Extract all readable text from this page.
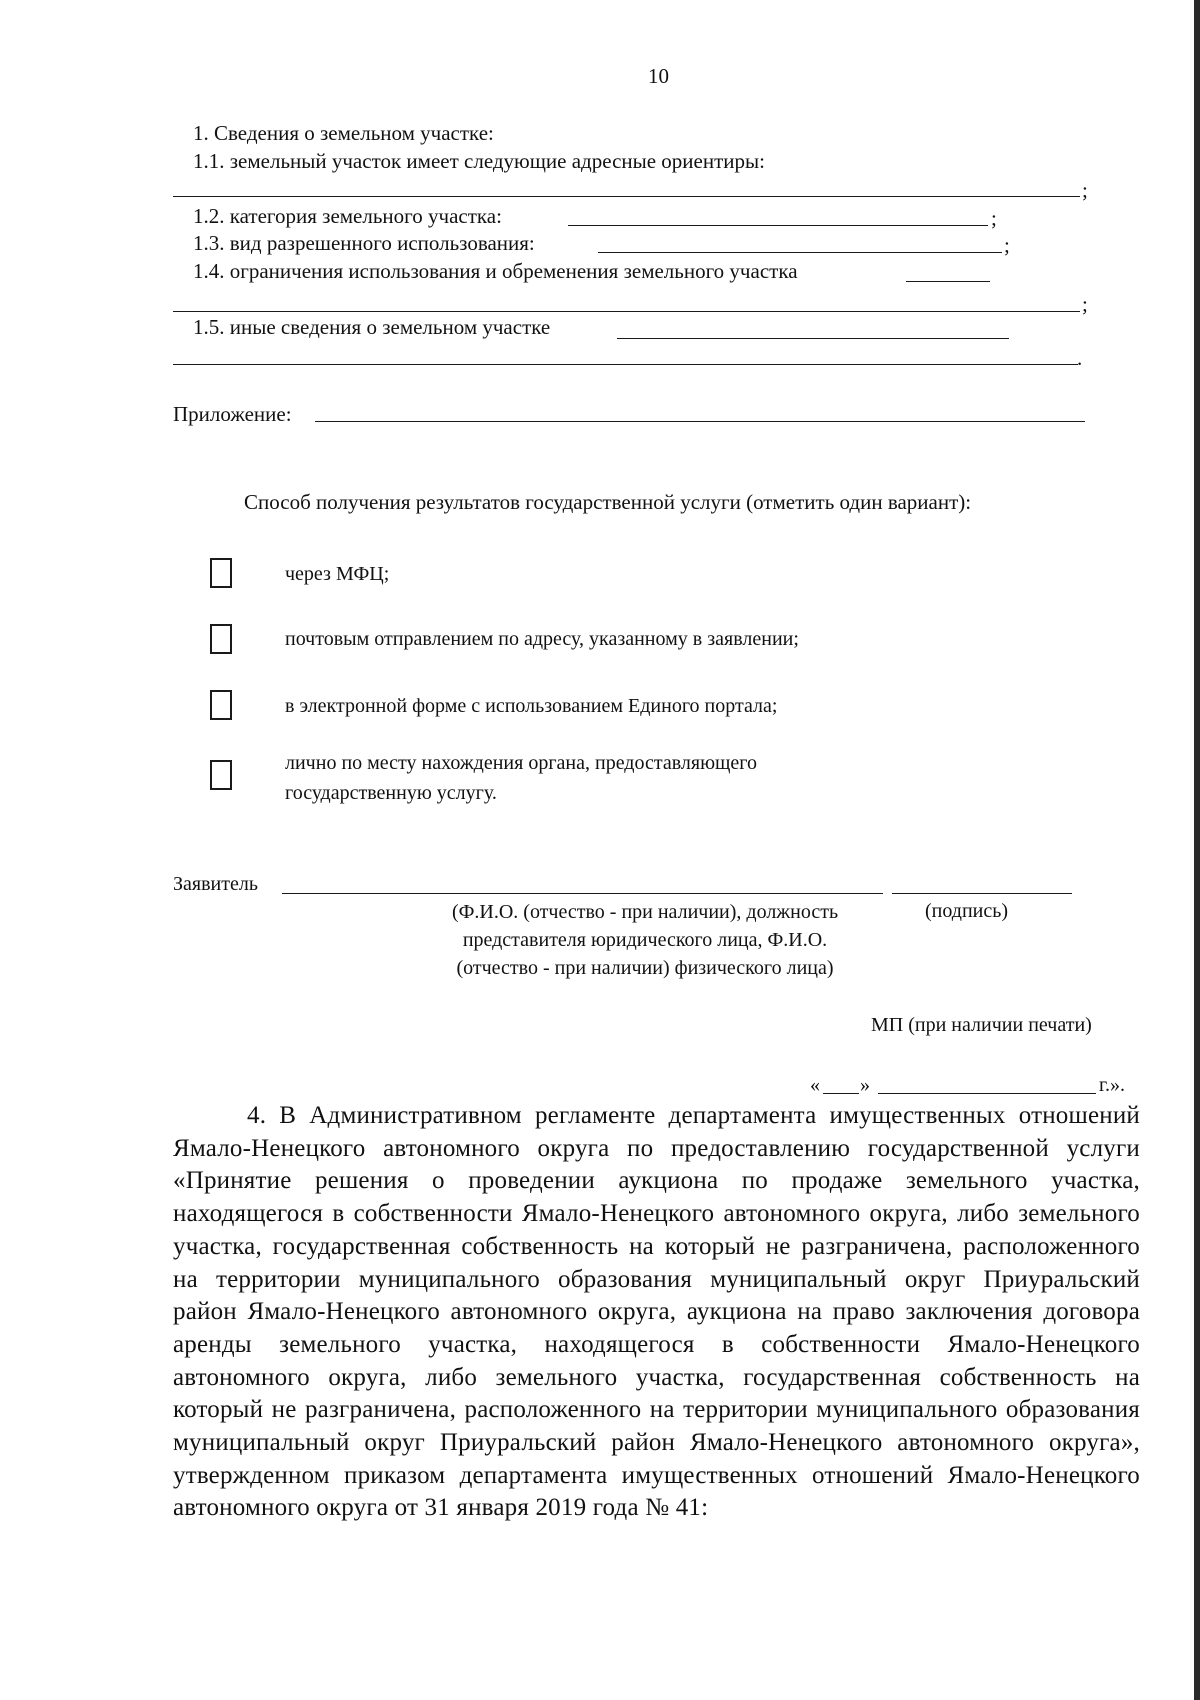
10
1. Сведения о земельном участке:
1.1. земельный участок имеет следующие адресные ориентиры:
;
1.2. категория земельного участка:	;
1.3. вид разрешенного использования:	;
1.4. ограничения использования и обременения земельного участка
;
1.5. иные сведения о земельном участке
.
Приложение:
Способ получения результатов государственной услуги (отметить один вариант):
через МФЦ;
почтовым отправлением по адресу, указанному в заявлении;
в электронной форме с использованием Единого портала;
лично по месту нахождения органа, предоставляющего
государственную услугу.
Заявитель
(Ф.И.О. (отчество - при наличии), должность
представителя юридического лица, Ф.И.О.
(отчество - при наличии) физического лица)
(подпись)
МП (при наличии печати)
« »	г.».
4. В Административном регламенте департамента имущественных отношений Ямало-Ненецкого автономного округа по предоставлению государственной услуги «Принятие решения о проведении аукциона по продаже земельного участка, находящегося в собственности Ямало-Ненецкого автономного округа, либо земельного участка, государственная собственность на который не разграничена, расположенного на территории муниципального образования муниципальный округ Приуральский район Ямало-Ненецкого автономного округа, аукциона на право заключения договора аренды земельного участка, находящегося в собственности Ямало-Ненецкого автономного округа, либо земельного участка, государственная собственность на который не разграничена, расположенного на территории муниципального образования муниципальный округ Приуральский район Ямало-Ненецкого автономного округа», утвержденном приказом департамента имущественных отношений Ямало-Ненецкого автономного округа от 31 января 2019 года № 41:
